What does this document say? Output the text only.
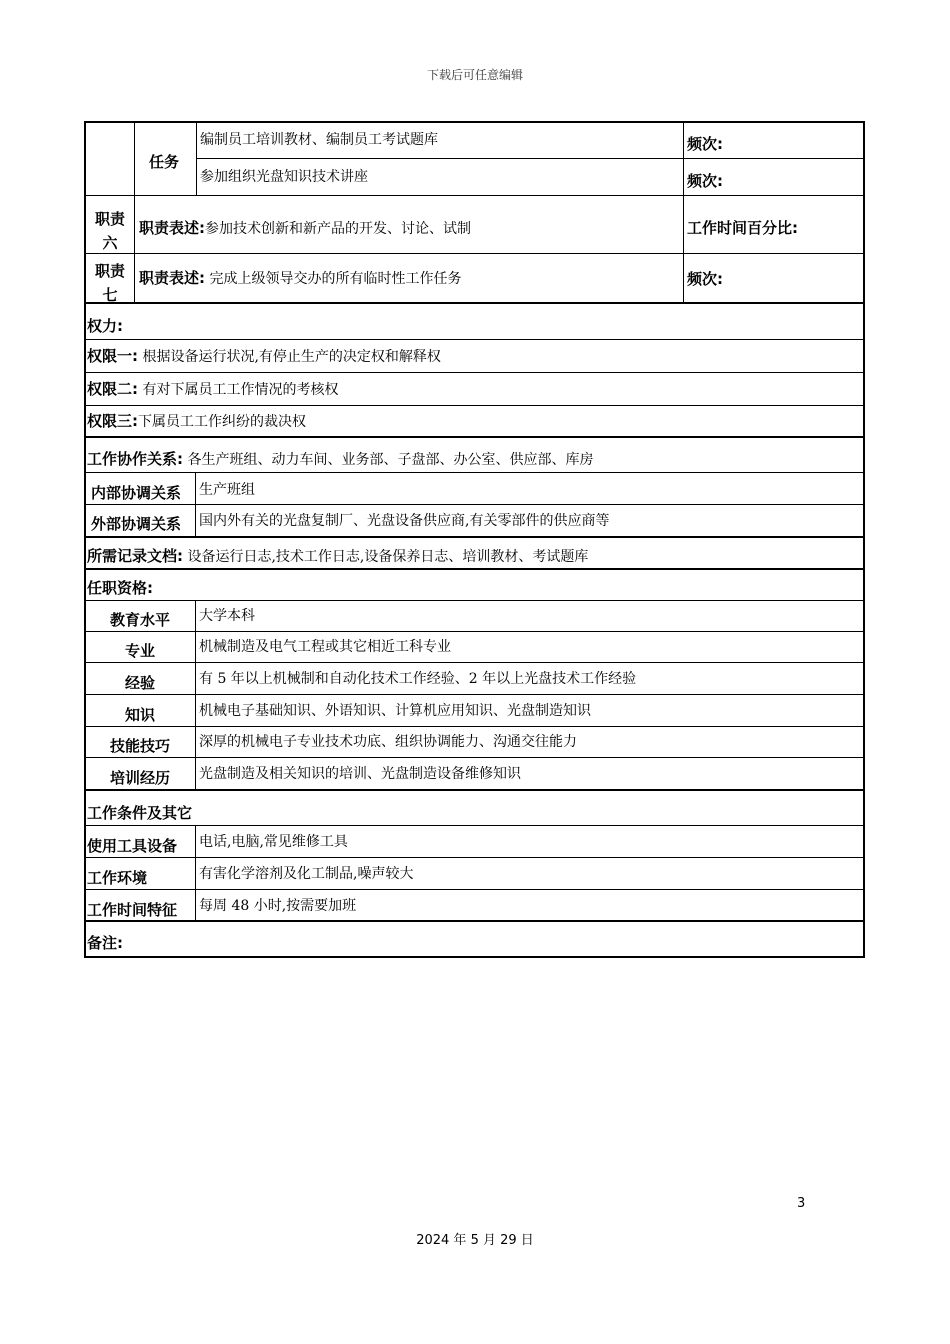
下载后可任意编辑
任务
编制员工培训教材、编制员工考试题库	频次:
参加组织光盘知识技术讲座	频次:
职责
六
职责表述:参加技术创新和新产品的开发、讨论、试制	工作时间百分比:
职责
七
职责表述: 完成上级领导交办的所有临时性工作任务	频次:
权力:
权限一: 根据设备运行状况,有停止生产的决定权和解释权
权限二: 有对下属员工工作情况的考核权
权限三:下属员工工作纠纷的裁决权
工作协作关系: 各生产班组、动力车间、业务部、子盘部、办公室、供应部、库房
内部协调关系 生产班组
外部协调关系 国内外有关的光盘复制厂、光盘设备供应商,有关零部件的供应商等
所需记录文档: 设备运行日志,技术工作日志,设备保养日志、培训教材、考试题库
任职资格:
教育水平	大学本科
专业	机械制造及电气工程或其它相近工科专业
经验	有 5 年以上机械制和自动化技术工作经验、2 年以上光盘技术工作经验
知识	机械电子基础知识、外语知识、计算机应用知识、光盘制造知识
技能技巧	深厚的机械电子专业技术功底、组织协调能力、沟通交往能力
培训经历	光盘制造及相关知识的培训、光盘制造设备维修知识
工作条件及其它
使用工具设备 电话,电脑,常见维修工具
工作环境	有害化学溶剂及化工制品,噪声较大
工作时间特征 每周 48 小时,按需要加班
备注:
3
2024 年 5 月 29 日
